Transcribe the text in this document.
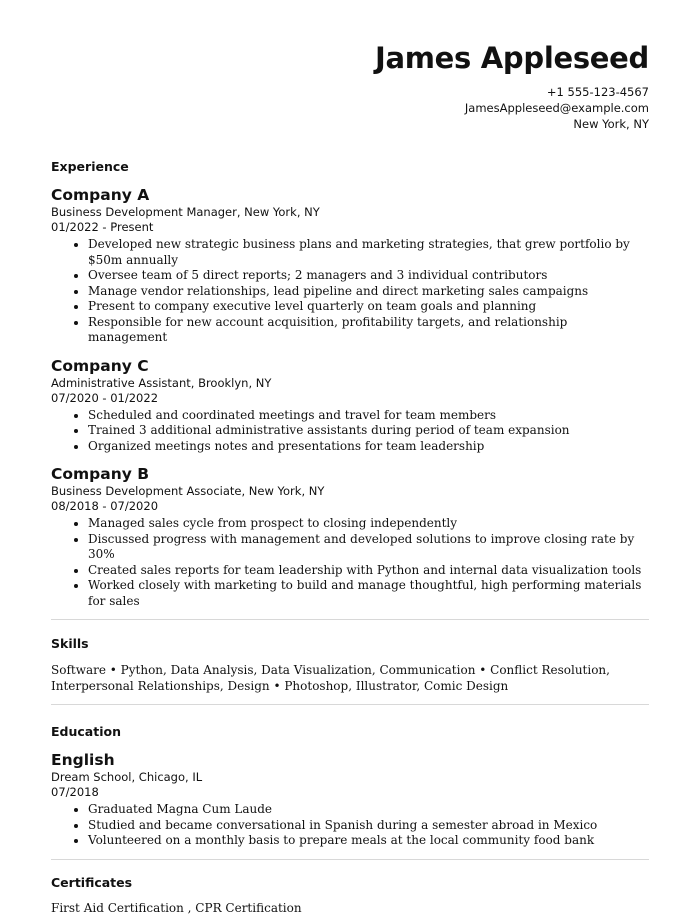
James Appleseed
+1 555-123-4567
JamesAppleseed@example.com
New York, NY
Experience
Company A
Business Development Manager, New York, NY
01/2022 - Present
• Developed new strategic business plans and marketing strategies, that grew portfolio by $50m annually
• Oversee team of 5 direct reports; 2 managers and 3 individual contributors
• Manage vendor relationships, lead pipeline and direct marketing sales campaigns
• Present to company executive level quarterly on team goals and planning
• Responsible for new account acquisition, profitability targets, and relationship management
Company C
Administrative Assistant, Brooklyn, NY
07/2020 - 01/2022
• Scheduled and coordinated meetings and travel for team members
• Trained 3 additional administrative assistants during period of team expansion
• Organized meetings notes and presentations for team leadership
Company B
Business Development Associate, New York, NY
08/2018 - 07/2020
• Managed sales cycle from prospect to closing independently
• Discussed progress with management and developed solutions to improve closing rate by 30%
• Created sales reports for team leadership with Python and internal data visualization tools
• Worked closely with marketing to build and manage thoughtful, high performing materials for sales
Skills
Software • Python, Data Analysis, Data Visualization, Communication • Conflict Resolution, Interpersonal Relationships, Design • Photoshop, Illustrator, Comic Design
Education
English
Dream School, Chicago, IL
07/2018
• Graduated Magna Cum Laude
• Studied and became conversational in Spanish during a semester abroad in Mexico
• Volunteered on a monthly basis to prepare meals at the local community food bank
Certificates
First Aid Certification , CPR Certification
